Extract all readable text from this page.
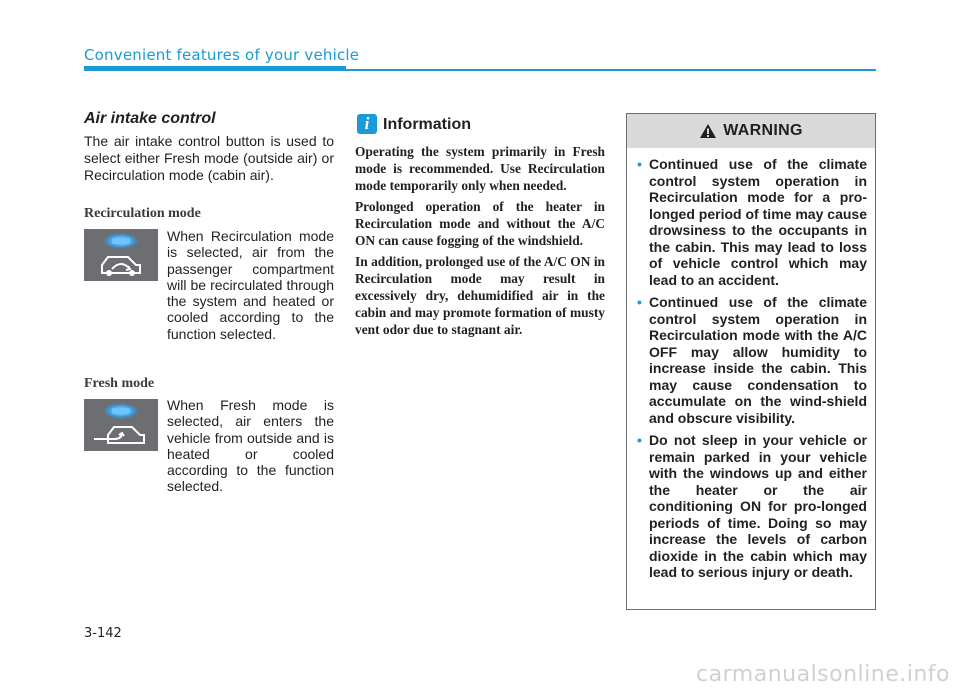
Convenient features of your vehicle
Air intake control
The air intake control button is used to select either Fresh mode (outside air) or Recirculation mode (cabin air).
Recirculation mode
When Recirculation mode is selected, air from the passenger compartment will be recirculated through the system and heated or cooled according to the function selected.
Fresh mode
When Fresh mode is selected, air enters the vehicle from outside and is heated or cooled according to the function selected.
i Information

Operating the system primarily in Fresh mode is recommended. Use Recirculation mode temporarily only when needed.

Prolonged operation of the heater in Recirculation mode and without the A/C ON can cause fogging of the windshield.

In addition, prolonged use of the A/C ON in Recirculation mode may result in excessively dry, dehumidified air in the cabin and may promote formation of musty vent odor due to stagnant air.

WARNING
• Continued use of the climate control system operation in Recirculation mode for a pro-longed period of time may cause drowsiness to the occupants in the cabin. This may lead to loss of vehicle control which may lead to an accident.
• Continued use of the climate control system operation in Recirculation mode with the A/C OFF may allow humidity to increase inside the cabin. This may cause condensation to accumulate on the wind-shield and obscure visibility.
• Do not sleep in your vehicle or remain parked in your vehicle with the windows up and either the heater or the air conditioning ON for pro-longed periods of time. Doing so may increase the levels of carbon dioxide in the cabin which may lead to serious injury or death.
3-142
carmanualsonline.info
